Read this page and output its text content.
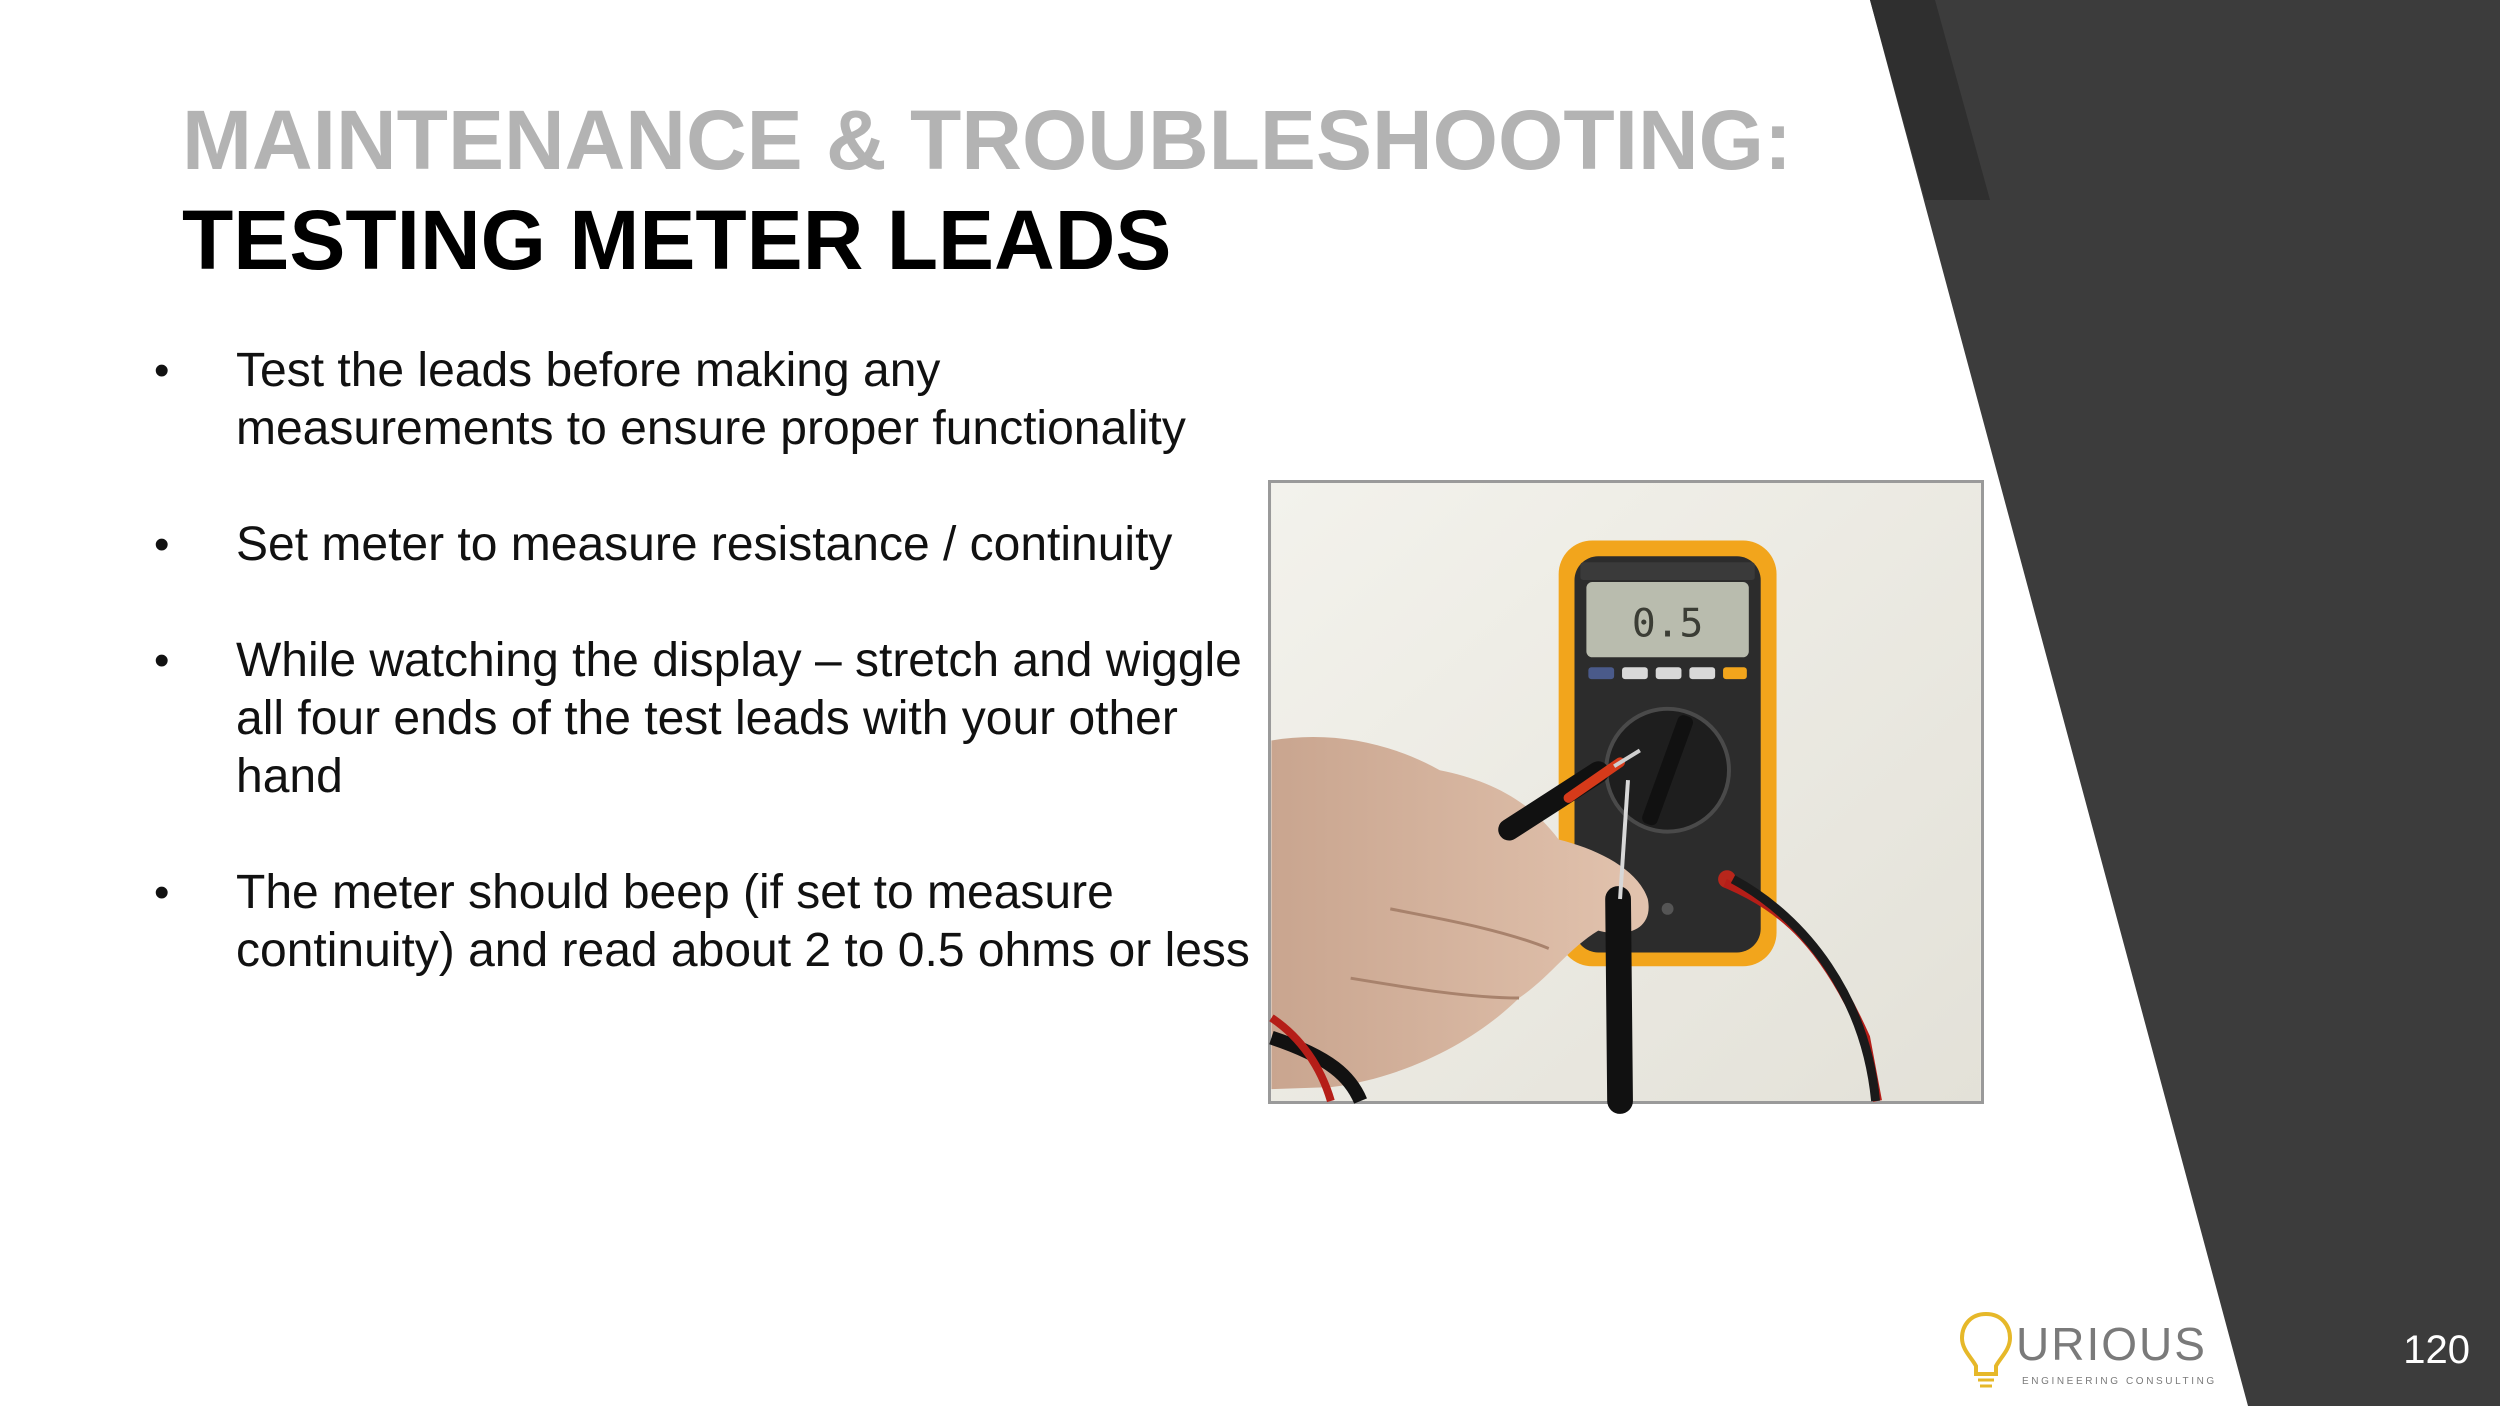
MAINTENANCE & TROUBLESHOOTING:
TESTING METER LEADS
• Test the leads before making any measurements to ensure proper functionality
• Set meter to measure resistance / continuity
• While watching the display – stretch and wiggle all four ends of the test leads with your other hand
• The meter should beep (if set to measure continuity) and read about 2 to 0.5 ohms or less
0.5
URIOUS
ENGINEERING CONSULTING
120
